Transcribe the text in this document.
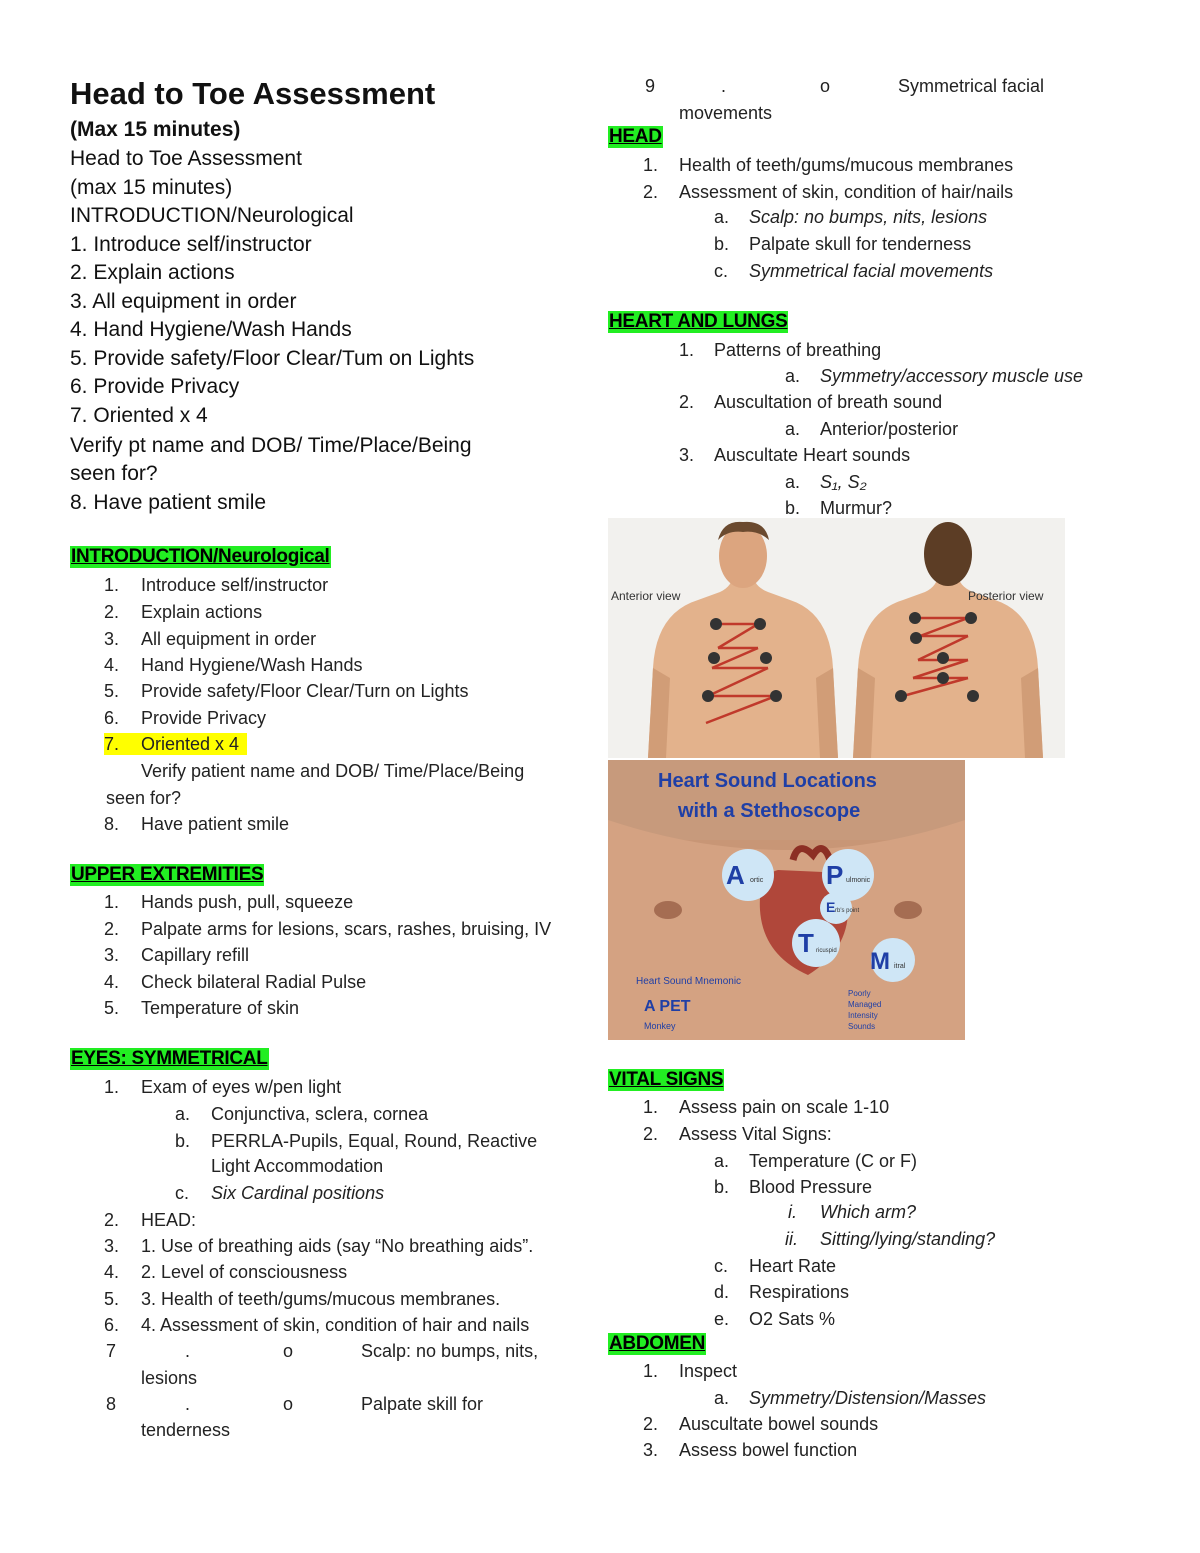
Head to Toe Assessment
(Max 15 minutes)
Head to Toe Assessment
(max 15 minutes)
INTRODUCTION/Neurological
1. Introduce self/instructor
2. Explain actions
3. All equipment in order
4. Hand Hygiene/Wash Hands
5. Provide safety/Floor Clear/Tum on Lights
6. Provide Privacy
7. Oriented x 4
Verify pt name and DOB/ Time/Place/Being
seen for?
8. Have patient smile
INTRODUCTION/Neurological
1. Introduce self/instructor
2. Explain actions
3. All equipment in order
4. Hand Hygiene/Wash Hands
5. Provide safety/Floor Clear/Turn on Lights
6. Provide Privacy
7.	Oriented x 4
Verify patient name and DOB/ Time/Place/Being
seen for?
8. Have patient smile
UPPER EXTREMITIES
1. Hands push, pull, squeeze
2. Palpate arms for lesions, scars, rashes, bruising, IV
3. Capillary refill
4. Check bilateral Radial Pulse
5. Temperature of skin
EYES: SYMMETRICAL
1. Exam of eyes w/pen light
a. Conjunctiva, sclera, cornea
b. PERRLA-Pupils, Equal, Round, Reactive
Light Accommodation
c. Six Cardinal positions
2. HEAD:
3. 1. Use of breathing aids (say “No breathing aids”.
4. 2. Level of consciousness
5. 3. Health of teeth/gums/mucous membranes.
6. 4. Assessment of skin, condition of hair and nails
7	.	o	Scalp: no bumps, nits,
lesions
8	.	o	Palpate skill for
tenderness
9	.	o	Symmetrical facial
movements
HEAD
1. Health of teeth/gums/mucous membranes
2. Assessment of skin, condition of hair/nails
a. Scalp: no bumps, nits, lesions
b. Palpate skull for tenderness
c. Symmetrical facial movements
HEART AND LUNGS
1. Patterns of breathing
a. Symmetry/accessory muscle use
2. Auscultation of breath sound
a. Anterior/posterior
3. Auscultate Heart sounds
a. S₁, S₂
b. Murmur?
Anterior view	Posterior view
Heart Sound Locations
with a Stethoscope
A ortic P ulmonic
E rb's point
T ricuspid M itral
Heart Sound Mnemonic
A PET
Monkey
Poorly
Managed
Intensity
Sounds
VITAL SIGNS
1. Assess pain on scale 1-10
2. Assess Vital Signs:
a. Temperature (C or F)
b. Blood Pressure
i. Which arm?
ii. Sitting/lying/standing?
c. Heart Rate
d. Respirations
e. O2 Sats %
ABDOMEN
1. Inspect
a. Symmetry/Distension/Masses
2. Auscultate bowel sounds
3. Assess bowel function
